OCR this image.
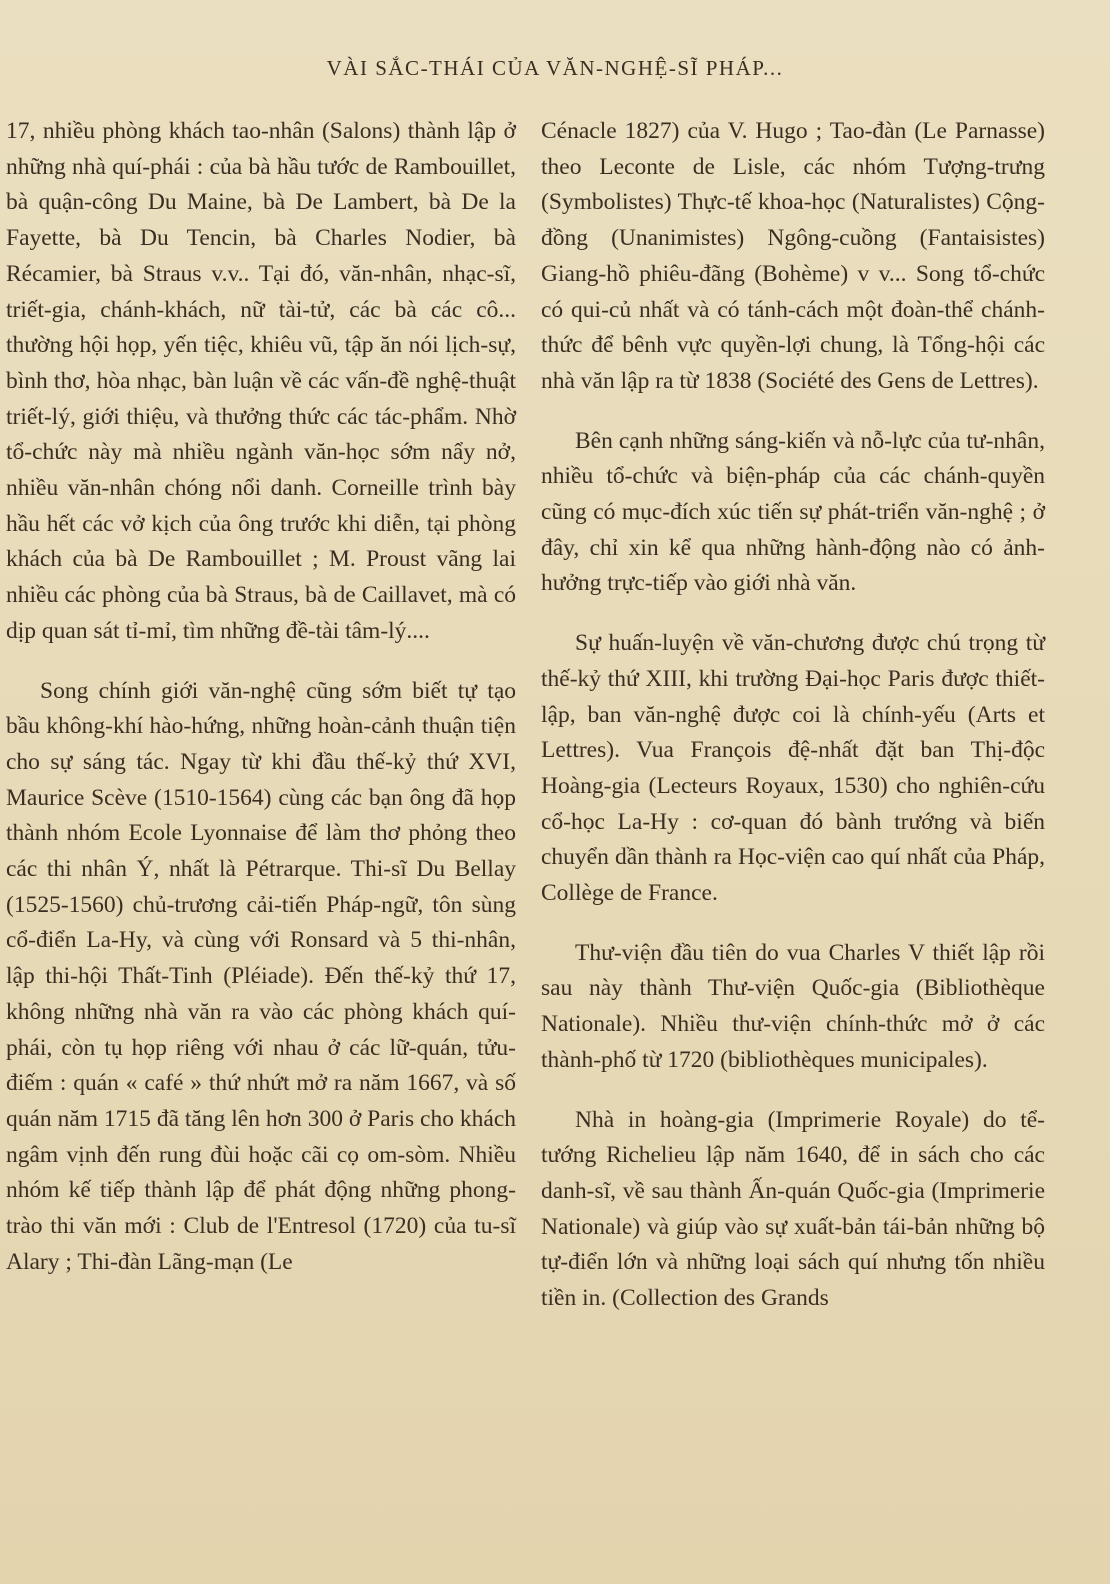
VÀI SẮC-THÁI CỦA VĂN-NGHỆ-SĨ PHÁP...

17, nhiều phòng khách tao-nhân (Salons) thành lập ở những nhà quí-phái : của bà hầu tước de Rambouillet, bà quận-công Du Maine, bà De Lambert, bà De la Fayette, bà Du Tencin, bà Charles Nodier, bà Récamier, bà Straus v.v.. Tại đó, văn-nhân, nhạc-sĩ, triết-gia, chánh-khách, nữ tài-tử, các bà các cô... thường hội họp, yến tiệc, khiêu vũ, tập ăn nói lịch-sự, bình thơ, hòa nhạc, bàn luận về các vấn-đề nghệ-thuật triết-lý, giới thiệu, và thưởng thức các tác-phẩm. Nhờ tổ-chức này mà nhiều ngành văn-học sớm nẩy nở, nhiều văn-nhân chóng nổi danh. Corneille trình bày hầu hết các vở kịch của ông trước khi diễn, tại phòng khách của bà De Rambouillet ; M. Proust vãng lai nhiều các phòng của bà Straus, bà de Caillavet, mà có dịp quan sát tỉ-mỉ, tìm những đề-tài tâm-lý....

Song chính giới văn-nghệ cũng sớm biết tự tạo bầu không-khí hào-hứng, những hoàn-cảnh thuận tiện cho sự sáng tác. Ngay từ khi đầu thế-kỷ thứ XVI, Maurice Scève (1510-1564) cùng các bạn ông đã họp thành nhóm Ecole Lyonnaise để làm thơ phỏng theo các thi nhân Ý, nhất là Pétrarque. Thi-sĩ Du Bellay (1525-1560) chủ-trương cải-tiến Pháp-ngữ, tôn sùng cổ-điển La-Hy, và cùng với Ronsard và 5 thi-nhân, lập thi-hội Thất-Tinh (Pléiade). Đến thế-kỷ thứ 17, không những nhà văn ra vào các phòng khách quí-phái, còn tụ họp riêng với nhau ở các lữ-quán, tửu-điếm : quán « café » thứ nhứt mở ra năm 1667, và số quán năm 1715 đã tăng lên hơn 300 ở Paris cho khách ngâm vịnh đến rung đùi hoặc cãi cọ om-sòm. Nhiều nhóm kế tiếp thành lập để phát động những phong-trào thi văn mới : Club de l'Entresol (1720) của tu-sĩ Alary ; Thi-đàn Lãng-mạn (Le

Cénacle 1827) của V. Hugo ; Tao-đàn (Le Parnasse) theo Leconte de Lisle, các nhóm Tượng-trưng (Symbolistes) Thực-tế khoa-học (Naturalistes) Cộng-đồng (Unanimistes) Ngông-cuồng (Fantaisistes) Giang-hồ phiêu-đãng (Bohème) v v... Song tổ-chức có qui-củ nhất và có tánh-cách một đoàn-thể chánh-thức để bênh vực quyền-lợi chung, là Tổng-hội các nhà văn lập ra từ 1838 (Société des Gens de Lettres).

Bên cạnh những sáng-kiến và nỗ-lực của tư-nhân, nhiều tổ-chức và biện-pháp của các chánh-quyền cũng có mục-đích xúc tiến sự phát-triển văn-nghệ ; ở đây, chỉ xin kể qua những hành-động nào có ảnh-hưởng trực-tiếp vào giới nhà văn.

Sự huấn-luyện về văn-chương được chú trọng từ thế-kỷ thứ XIII, khi trường Đại-học Paris được thiết-lập, ban văn-nghệ được coi là chính-yếu (Arts et Lettres). Vua François đệ-nhất đặt ban Thị-độc Hoàng-gia (Lecteurs Royaux, 1530) cho nghiên-cứu cổ-học La-Hy : cơ-quan đó bành trướng và biến chuyển dần thành ra Học-viện cao quí nhất của Pháp, Collège de France.

Thư-viện đầu tiên do vua Charles V thiết lập rồi sau này thành Thư-viện Quốc-gia (Bibliothèque Nationale). Nhiều thư-viện chính-thức mở ở các thành-phố từ 1720 (bibliothèques municipales).

Nhà in hoàng-gia (Imprimerie Royale) do tể-tướng Richelieu lập năm 1640, để in sách cho các danh-sĩ, về sau thành Ấn-quán Quốc-gia (Imprimerie Nationale) và giúp vào sự xuất-bản tái-bản những bộ tự-điển lớn và những loại sách quí nhưng tốn nhiều tiền in. (Collection des Grands
